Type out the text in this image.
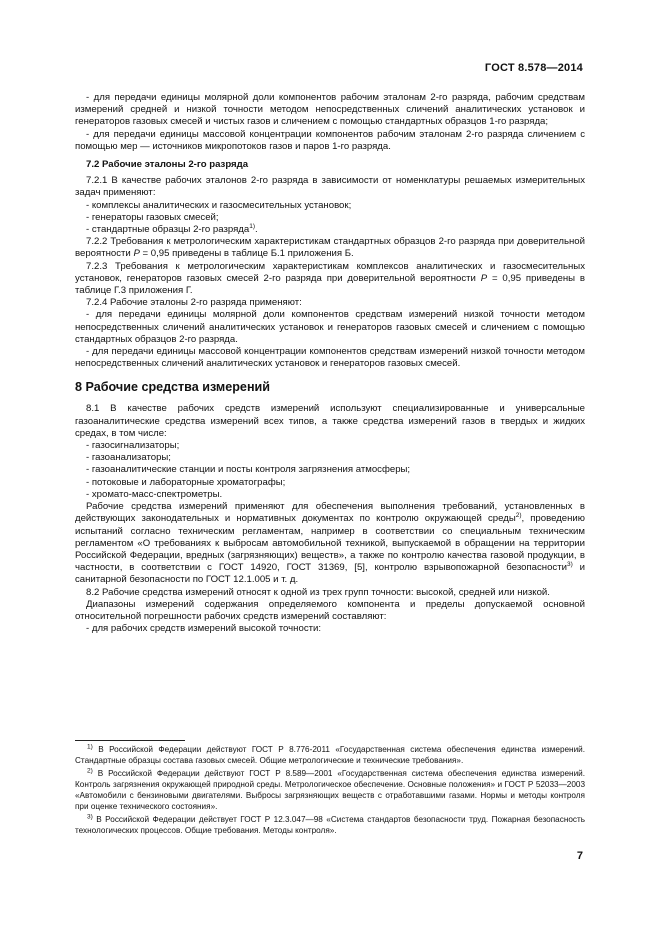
ГОСТ 8.578—2014

- для передачи единицы молярной доли компонентов рабочим эталонам 2-го разряда, рабочим средствам измерений средней и низкой точности методом непосредственных сличений аналитических установок и генераторов газовых смесей и чистых газов и сличением с помощью стандартных образцов 1-го разряда;

- для передачи единицы массовой концентрации компонентов рабочим эталонам 2-го разряда сличением с помощью мер — источников микропотоков газов и паров 1-го разряда.

7.2 Рабочие эталоны 2-го разряда

7.2.1 В качестве рабочих эталонов 2-го разряда в зависимости от номенклатуры решаемых измерительных задач применяют:

- комплексы аналитических и газосмесительных установок;

- генераторы газовых смесей;

- стандартные образцы 2-го разряда$^{1)}$.

7.2.2 Требования к метрологическим характеристикам стандартных образцов 2-го разряда при доверительной вероятности P = 0,95 приведены в таблице Б.1 приложения Б.

7.2.3 Требования к метрологическим характеристикам комплексов аналитических и газосмесительных установок, генераторов газовых смесей 2-го разряда при доверительной вероятности P = 0,95 приведены в таблице Г.3 приложения Г.

7.2.4 Рабочие эталоны 2-го разряда применяют:

- для передачи единицы молярной доли компонентов средствам измерений низкой точности методом непосредственных сличений аналитических установок и генераторов газовых смесей и сличением с помощью стандартных образцов 2-го разряда.

- для передачи единицы массовой концентрации компонентов средствам измерений низкой точности методом непосредственных сличений аналитических установок и генераторов газовых смесей.

8 Рабочие средства измерений

8.1 В качестве рабочих средств измерений используют специализированные и универсальные газоаналитические средства измерений всех типов, а также средства измерений газов в твердых и жидких средах, в том числе:

- газосигнализаторы;

- газоанализаторы;

- газоаналитические станции и посты контроля загрязнения атмосферы;

- потоковые и лабораторные хроматографы;

- хромато-масс-спектрометры.

Рабочие средства измерений применяют для обеспечения выполнения требований, установленных в действующих законодательных и нормативных документах по контролю окружающей среды$^{2)}$, проведению испытаний согласно техническим регламентам, например в соответствии со специальным техническим регламентом «О требованиях к выбросам автомобильной техникой, выпускаемой в обращении на территории Российской Федерации, вредных (загрязняющих) веществ», а также по контролю качества газовой продукции, в частности, в соответствии с ГОСТ 14920, ГОСТ 31369, [5], контролю взрывопожарной безопасности$^{3)}$ и санитарной безопасности по ГОСТ 12.1.005 и т. д.

8.2 Рабочие средства измерений относят к одной из трех групп точности: высокой, средней или низкой.

Диапазоны измерений содержания определяемого компонента и пределы допускаемой основной относительной погрешности рабочих средств измерений составляют:

- для рабочих средств измерений высокой точности:

$^{1)}$ В Российской Федерации действуют ГОСТ Р 8.776-2011 «Государственная система обеспечения единства измерений. Стандартные образцы состава газовых смесей. Общие метрологические и технические требования».

$^{2)}$ В Российской Федерации действуют ГОСТ Р 8.589—2001 «Государственная система обеспечения единства измерений. Контроль загрязнения окружающей природной среды. Метрологическое обеспечение. Основные положения» и ГОСТ Р 52033—2003 «Автомобили с бензиновыми двигателями. Выбросы загрязняющих веществ с отработавшими газами. Нормы и методы контроля при оценке технического состояния».

$^{3)}$ В Российской Федерации действует ГОСТ Р 12.3.047—98 «Система стандартов безопасности труд. Пожарная безопасность технологических процессов. Общие требования. Методы контроля».

7
